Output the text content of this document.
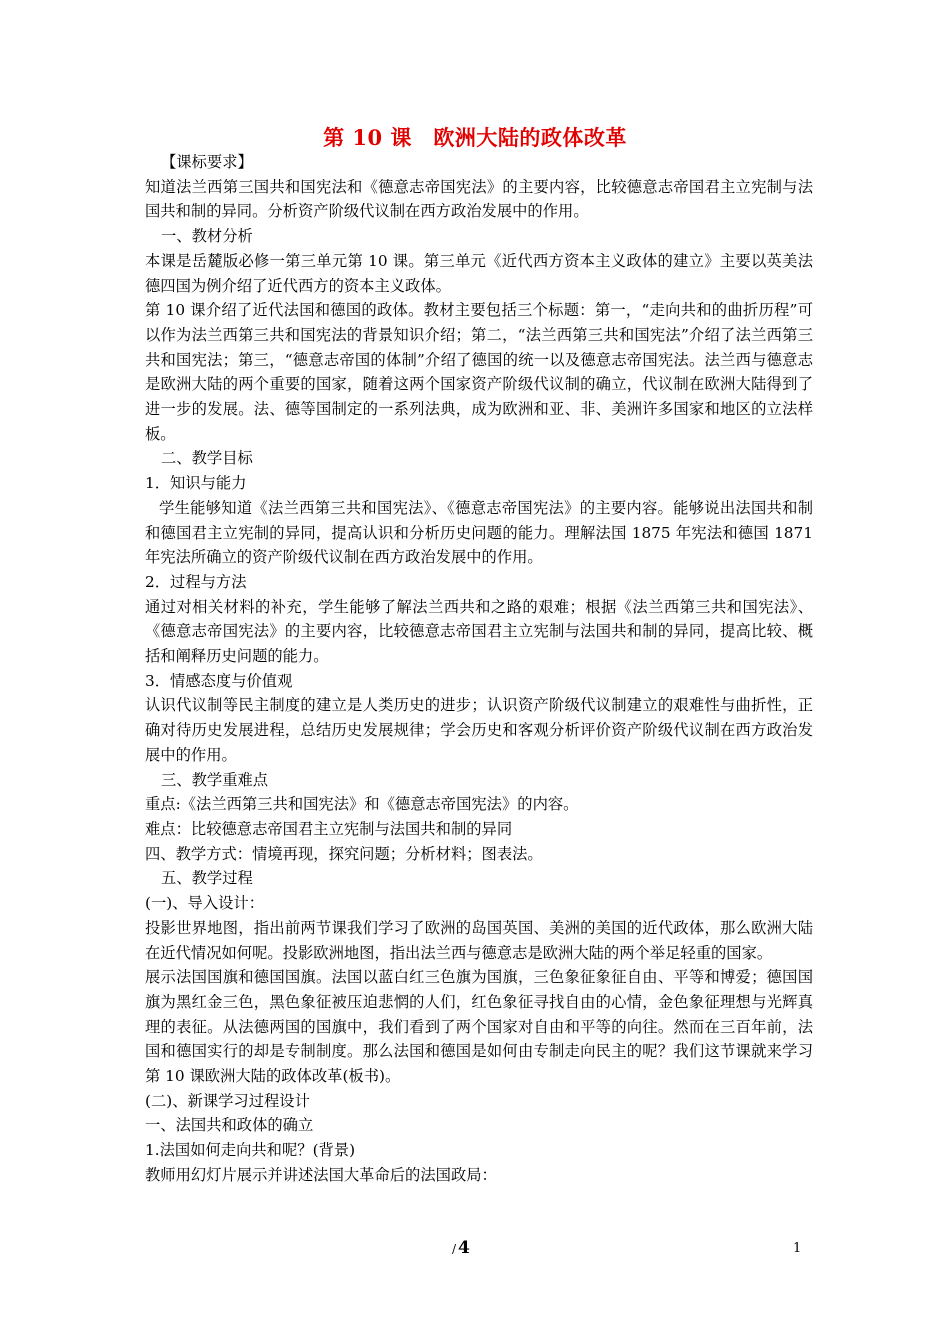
第 10 课　欧洲大陆的政体改革

【课标要求】

知道法兰西第三国共和国宪法和《德意志帝国宪法》的主要内容，比较德意志帝国君主立宪制与法国共和制的异同。分析资产阶级代议制在西方政治发展中的作用。

一、教材分析

本课是岳麓版必修一第三单元第 10 课。第三单元《近代西方资本主义政体的建立》主要以英美法德四国为例介绍了近代西方的资本主义政体。

第 10 课介绍了近代法国和德国的政体。教材主要包括三个标题：第一，“走向共和的曲折历程”可以作为法兰西第三共和国宪法的背景知识介绍；第二，“法兰西第三共和国宪法”介绍了法兰西第三共和国宪法；第三，“德意志帝国的体制”介绍了德国的统一以及德意志帝国宪法。法兰西与德意志是欧洲大陆的两个重要的国家，随着这两个国家资产阶级代议制的确立，代议制在欧洲大陆得到了进一步的发展。法、德等国制定的一系列法典，成为欧洲和亚、非、美洲许多国家和地区的立法样板。

二、教学目标

1．知识与能力

学生能够知道《法兰西第三共和国宪法》、《德意志帝国宪法》的主要内容。能够说出法国共和制和德国君主立宪制的异同，提高认识和分析历史问题的能力。理解法国 1875 年宪法和德国 1871 年宪法所确立的资产阶级代议制在西方政治发展中的作用。

2．过程与方法

通过对相关材料的补充，学生能够了解法兰西共和之路的艰难；根据《法兰西第三共和国宪法》、《德意志帝国宪法》的主要内容，比较德意志帝国君主立宪制与法国共和制的异同，提高比较、概括和阐释历史问题的能力。

3．情感态度与价值观

认识代议制等民主制度的建立是人类历史的进步；认识资产阶级代议制建立的艰难性与曲折性，正确对待历史发展进程，总结历史发展规律；学会历史和客观分析评价资产阶级代议制在西方政治发展中的作用。

三、教学重难点

重点:《法兰西第三共和国宪法》和《德意志帝国宪法》的内容。

难点：比较德意志帝国君主立宪制与法国共和制的异同

四、教学方式：情境再现，探究问题；分析材料；图表法。

五、教学过程

(一)、导入设计：

投影世界地图，指出前两节课我们学习了欧洲的岛国英国、美洲的美国的近代政体，那么欧洲大陆在近代情况如何呢。投影欧洲地图，指出法兰西与德意志是欧洲大陆的两个举足轻重的国家。

展示法国国旗和德国国旗。法国以蓝白红三色旗为国旗，三色象征象征自由、平等和博爱；德国国旗为黑红金三色，黑色象征被压迫悲惘的人们，红色象征寻找自由的心情，金色象征理想与光辉真理的表征。从法德两国的国旗中，我们看到了两个国家对自由和平等的向往。然而在三百年前，法国和德国实行的却是专制制度。那么法国和德国是如何由专制走向民主的呢？我们这节课就来学习第 10 课欧洲大陆的政体改革(板书)。

(二)、新课学习过程设计

一、法国共和政体的确立

1.法国如何走向共和呢？(背景)

教师用幻灯片展示并讲述法国大革命后的法国政局：

/ 4	1
